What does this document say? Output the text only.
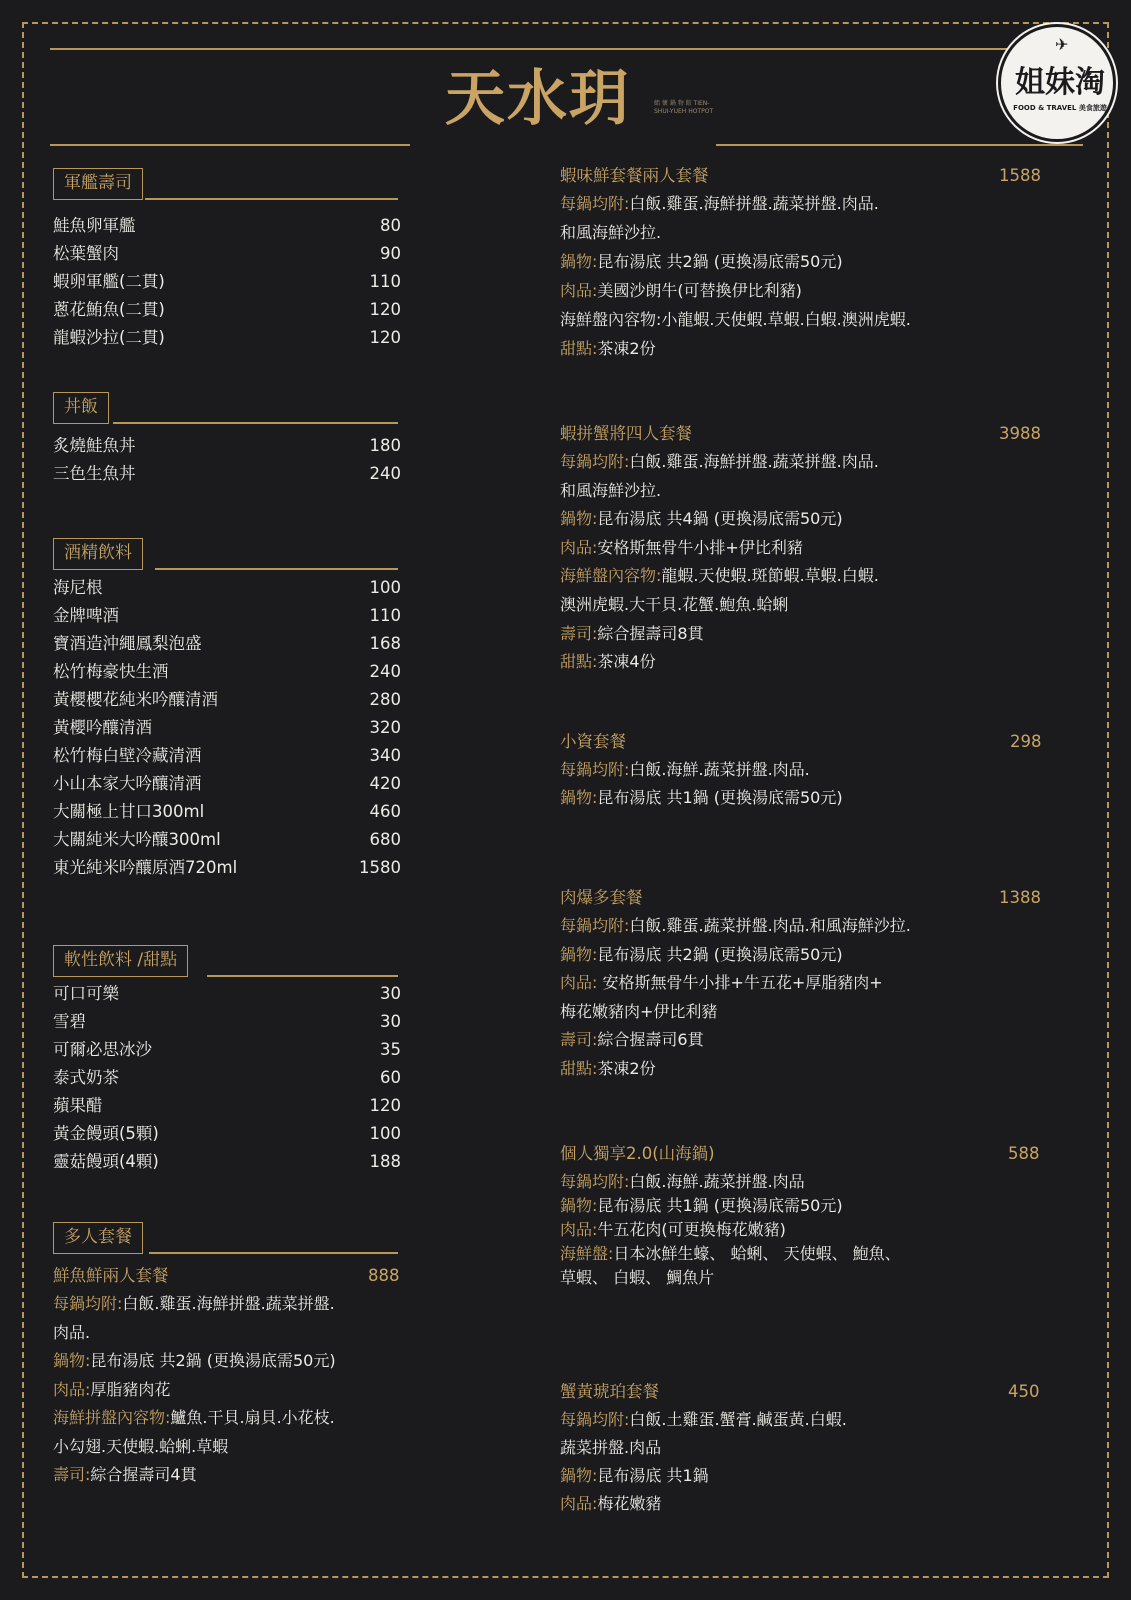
天水玥	鮨 懷 鍋 物 館 TIEN-SHUI-YUEH HOTPOT
✈
姐妹淘
FOOD & TRAVEL 美食旅遊
軍艦壽司
鮭魚卵軍艦	80
松葉蟹肉	90
蝦卵軍艦(二貫)	110
蔥花鮪魚(二貫)	120
龍蝦沙拉(二貫)	120
丼飯
炙燒鮭魚丼	180
三色生魚丼	240
酒精飲料
海尼根	100
金牌啤酒	110
寶酒造沖繩鳳梨泡盛	168
松竹梅豪快生酒	240
黃櫻櫻花純米吟釀清酒	280
黃櫻吟釀清酒	320
松竹梅白壁冷藏清酒	340
小山本家大吟釀清酒	420
大關極上甘口300ml	460
大關純米大吟釀300ml	680
東光純米吟釀原酒720ml	1580
軟性飲料 /甜點
可口可樂	30
雪碧	30
可爾必思冰沙	35
泰式奶茶	60
蘋果醋	120
黃金饅頭(5顆)	100
靈菇饅頭(4顆)	188
多人套餐
鮮魚鮮兩人套餐	888
每鍋均附:白飯.雞蛋.海鮮拼盤.蔬菜拼盤.
肉品.
鍋物:昆布湯底 共2鍋 (更換湯底需50元)
肉品:厚脂豬肉花
海鮮拼盤內容物:鱸魚.干貝.扇貝.小花枝.
小勾翅.天使蝦.蛤蜊.草蝦
壽司:綜合握壽司4貫
蝦味鮮套餐兩人套餐	1588
每鍋均附:白飯.雞蛋.海鮮拼盤.蔬菜拼盤.肉品.
和風海鮮沙拉.
鍋物:昆布湯底 共2鍋 (更換湯底需50元)
肉品:美國沙朗牛(可替換伊比利豬)
海鮮盤內容物:小龍蝦.天使蝦.草蝦.白蝦.澳洲虎蝦.
甜點:茶凍2份
蝦拼蟹將四人套餐	3988
每鍋均附:白飯.雞蛋.海鮮拼盤.蔬菜拼盤.肉品.
和風海鮮沙拉.
鍋物:昆布湯底 共4鍋 (更換湯底需50元)
肉品:安格斯無骨牛小排+伊比利豬
海鮮盤內容物:龍蝦.天使蝦.斑節蝦.草蝦.白蝦.
澳洲虎蝦.大干貝.花蟹.鮑魚.蛤蜊
壽司:綜合握壽司8貫
甜點:茶凍4份
小資套餐	298
每鍋均附:白飯.海鮮.蔬菜拼盤.肉品.
鍋物:昆布湯底 共1鍋 (更換湯底需50元)
肉爆多套餐	1388
每鍋均附:白飯.雞蛋.蔬菜拼盤.肉品.和風海鮮沙拉.
鍋物:昆布湯底 共2鍋 (更換湯底需50元)
肉品: 安格斯無骨牛小排+牛五花+厚脂豬肉+
梅花嫩豬肉+伊比利豬
壽司:綜合握壽司6貫
甜點:茶凍2份
個人獨享2.0(山海鍋)	588
每鍋均附:白飯.海鮮.蔬菜拼盤.肉品
鍋物:昆布湯底 共1鍋 (更換湯底需50元)
肉品:牛五花肉(可更換梅花嫩豬)
海鮮盤:日本冰鮮生蠔、 蛤蜊、 天使蝦、 鮑魚、
草蝦、 白蝦、 鯛魚片
蟹黃琥珀套餐	450
每鍋均附:白飯.土雞蛋.蟹膏.鹹蛋黃.白蝦.
蔬菜拼盤.肉品
鍋物:昆布湯底 共1鍋
肉品:梅花嫩豬
